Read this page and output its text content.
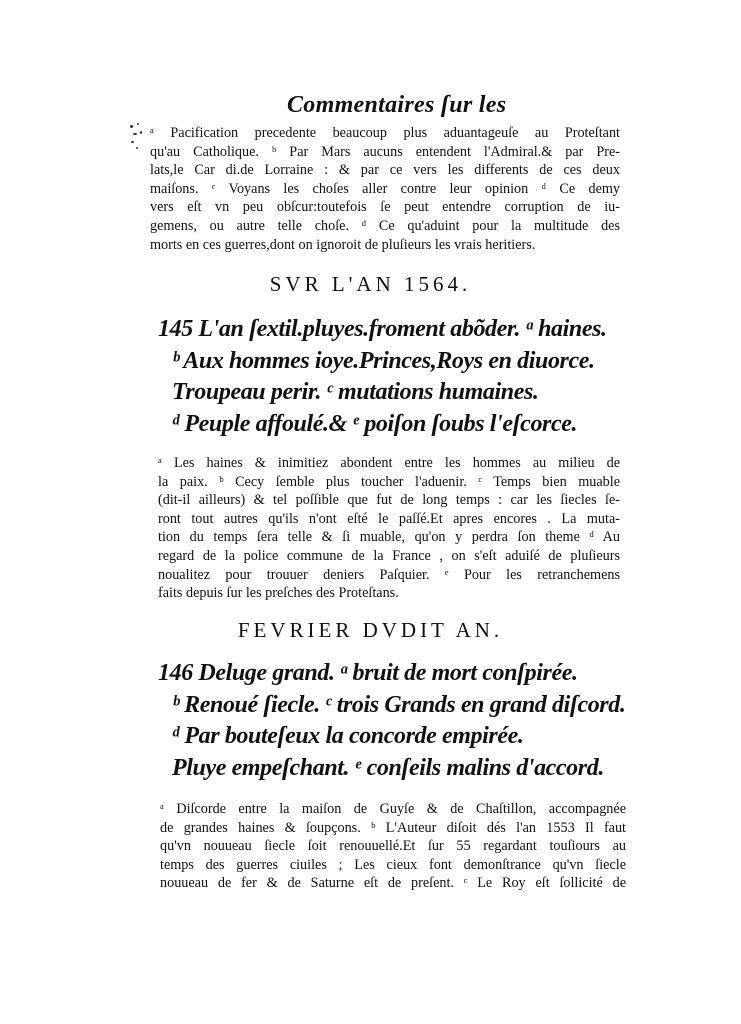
Commentaires ſur les
ᵃ Pacification precedente beaucoup plus aduantageuſe au Proteſtant
qu'au Catholique. ᵇ Par Mars aucuns entendent l'Admiral.& par Pre-
lats,le Car di.de Lorraine : & par ce vers les differents de ces deux
maiſons. ᶜ Voyans les choſes aller contre leur opinion ᵈ Ce demy
vers eſt vn peu obſcur:toutefois ſe peut entendre corruption de iu-
gemens, ou autre telle choſe. ᵈ Ce qu'aduint pour la multitude des
morts en ces guerres,dont on ignoroit de pluſieurs les vrais heritiers.
SVR L'AN 1564.
145 L'an ſextil.pluyes.froment abõder. ᵃ haines.
ᵇ Aux hommes ioye.Princes,Roys en diuorce.
Troupeau perir. ᶜ mutations humaines.
ᵈ Peuple affoulé.& ᵉ poiſon ſoubs l'eſcorce.
ᵃ Les haines & inimitiez abondent entre les hommes au milieu de
la paix. ᵇ Cecy ſemble plus toucher l'aduenir. ᶜ Temps bien muable
(dit-il ailleurs) & tel poſſible que fut de long temps : car les ſiecles ſe-
ront tout autres qu'ils n'ont eſté le paſſé.Et apres encores . La muta-
tion du temps ſera telle & ſi muable, qu'on y perdra ſon theme ᵈ Au
regard de la police commune de la France , on s'eſt aduiſé de pluſieurs
noualitez pour trouuer deniers Paſquier. ᵉ Pour les retranchemens
faits depuis ſur les preſches des Proteſtans.
FEVRIER DVDIT AN.
146 Deluge grand. ᵃ bruit de mort conſpirée.
ᵇ Renoué ſiecle. ᶜ trois Grands en grand diſcord.
ᵈ Par bouteſeux la concorde empirée.
Pluye empeſchant. ᵉ conſeils malins d'accord.
ᵃ Diſcorde entre la maiſon de Guyſe & de Chaſtillon, accompagnée
de grandes haines & ſoupçons. ᵇ L'Auteur diſoit dés l'an 1553 Il faut
qu'vn nouueau ſiecle ſoit renouuellé.Et ſur 55 regardant touſiours au
temps des guerres ciuiles ; Les cieux font demonſtrance qu'vn ſiecle
nouueau de fer & de Saturne eſt de preſent. ᶜ Le Roy eſt ſollicité de
